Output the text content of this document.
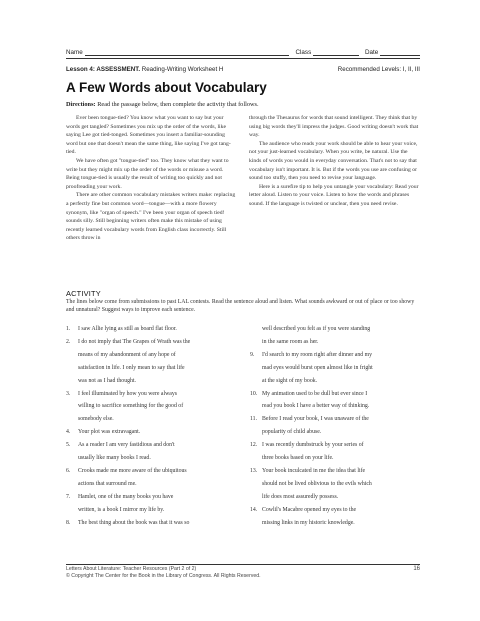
Name	Class	Date
Lesson 4: ASSESSMENT. Reading-Writing Worksheet H	Recommended Levels: I, II, III
A Few Words about Vocabulary
Directions: Read the passage below, then complete the activity that follows.

Ever been tongue-tied? You know what you want to say but your words get tangled? Sometimes you mix up the order of the words, like saying Lee got tied-tonged. Sometimes you insert a familiar-sounding word but one that doesn't mean the same thing, like saying I've got tang-tied.

We have often got "tongue-tied" too. They know what they want to write but they might mix up the order of the words or misuse a word. Being tongue-tied is usually the result of writing too quickly and not proofreading your work.

There are other common vocabulary mistakes writers make: replacing a perfectly fine but common word—tongue—with a more flowery synonym, like "organ of speech." I've been your organ of speech tied! sounds silly. Still beginning writers often make this mistake of using recently learned vocabulary words from English class incorrectly. Still others throw in

through the Thesaurus for words that sound intelligent. They think that by using big words they'll impress the judges. Good writing doesn't work that way.

The audience who reads your work should be able to hear your voice, not your just-learned vocabulary. When you write, be natural. Use the kinds of words you would in everyday conversation. That's not to say that vocabulary isn't important. It is. But if the words you use are confusing or sound too stuffy, then you need to revise your language.

Here is a surefire tip to help you untangle your vocabulary: Read your letter aloud. Listen to your voice. Listen to how the words and phrases sound. If the language is twisted or unclear, then you need revise.

ACTIVITY
The lines below come from submissions to past LAL contests. Read the sentence aloud and listen. What sounds awkward or out of place or too showy and unnatural? Suggest ways to improve each sentence.
1.	I saw Allie lying as still as board flat floor.
2.	I do not imply that The Grapes of Wrath was the
means of my abandonment of any hope of
satisfaction in life. I only mean to say that life
was not as I had thought.
3.	I feel illuminated by how you were always
willing to sacrifice something for the good of
somebody else.
4.	Your plot was extravagant.
5.	As a reader I am very fastidious and don't
usually like many books I read.
6.	Crooks made me more aware of the ubiquitous
actions that surround me.
7.	Hamlet, one of the many books you have
written, is a book I mirror my life by.
8.	The best thing about the book was that it was so
well described you felt as if you were standing
in the same room as her.
9.	I'd search to my room right after dinner and my
mad eyes would burst open almost like in fright
at the sight of my book.
10. My animation used to be dull but ever since I
read you book I have a better way of thinking.
11. Before I read your book, I was unaware of the
popularity of child abuse.
12. I was recently dumbstruck by your series of
three books based on your life.
13. Your book inculcated in me the idea that life
should not be lived oblivious to the evils which
life does most assuredly possess.
14. Cowlil's Macabre opened my eyes to the
missing links in my historic knowledge.
Letters About Literature: Teacher Resources (Part 2 of 2)
© Copyright The Center for the Book in the Library of Congress. All Rights Reserved.
16
